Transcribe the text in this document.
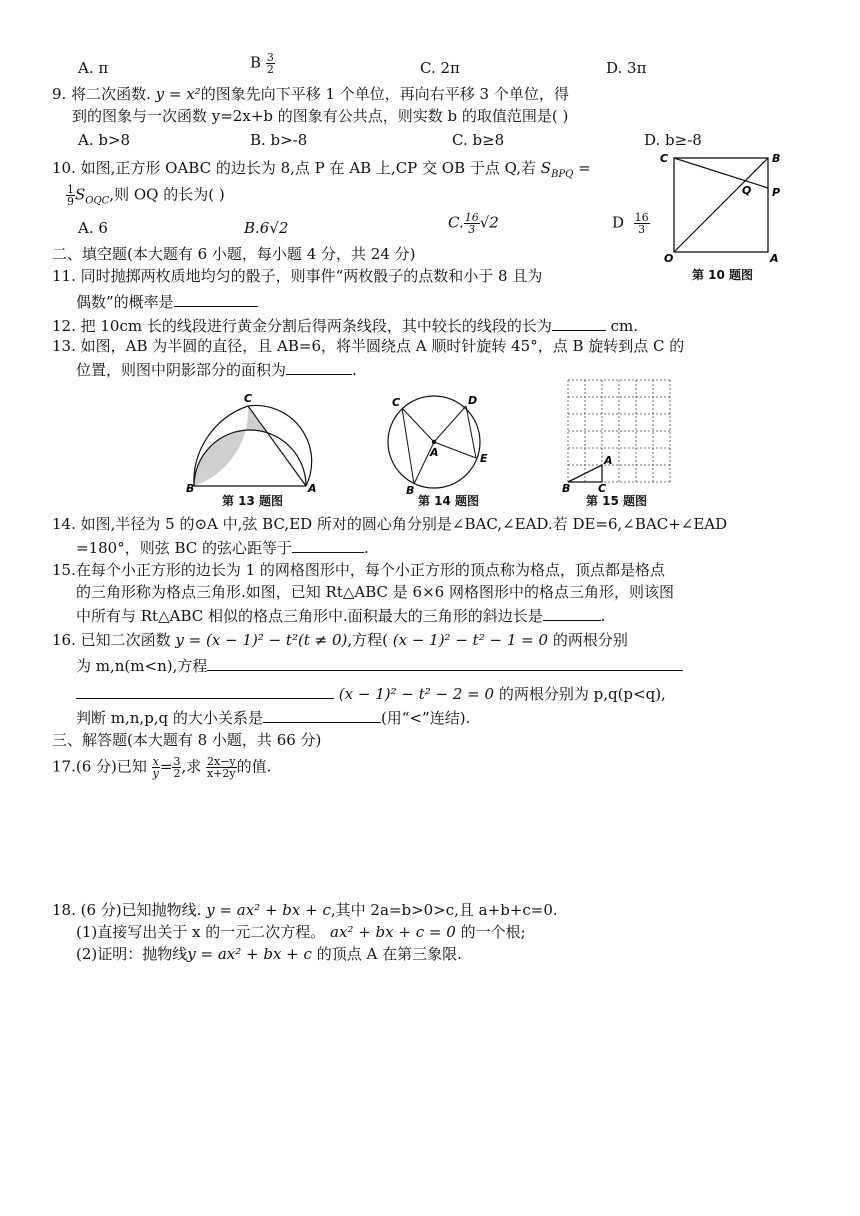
A. π	B $\frac{3}{2}$	C. 2π	D. 3π
9. 将二次函数. y = x²的图象先向下平移 1 个单位，再向右平移 3 个单位，得
到的图象与一次函数 y=2x+b 的图象有公共点，则实数 b 的取值范围是( )
A. b>8	B. b>-8	C. b≥8	D. b≥-8
10. 如图,正方形 OABC 的边长为 8,点 P 在 AB 上,CP 交 OB 于点 Q,若 $S_{BPQ}$ =
$\frac{1}{9} S_{OQC}$,则 OQ 的长为( )
A. 6	B.6√2	C. $\frac{16}{3} √2$	D $\frac{16}{3}$
C	B
Q P
O	A
第 10 题图
二、填空题(本大题有 6 小题，每小题 4 分，共 24 分)
11. 同时抛掷两枚质地均匀的骰子，则事件“两枚骰子的点数和小于 8 且为
偶数”的概率是
12. 把 10cm 长的线段进行黄金分割后得两条线段，其中较长的线段的长为	cm.
13. 如图，AB 为半圆的直径，且 AB=6，将半圆绕点 A 顺时针旋转 45°，点 B 旋转到点 C 的
位置，则图中阴影部分的面积为	.
C
B	A
第 13 题图
C	D
A	E
B
第 14 题图
A
B	C
第 15 题图
14. 如图,半径为 5 的⊙A 中,弦 BC,ED 所对的圆心角分别是∠BAC,∠EAD.若 DE=6,∠BAC+∠EAD
=180°，则弦 BC 的弦心距等于	.
15.在每个小正方形的边长为 1 的网格图形中，每个小正方形的顶点称为格点，顶点都是格点
的三角形称为格点三角形.如图，已知 Rt△ABC 是 6×6 网格图形中的格点三角形，则该图
中所有与 Rt△ABC 相似的格点三角形中.面积最大的三角形的斜边长是	.
16. 已知二次函数 y = (x − 1)² − t²(t ≠ 0),方程( (x − 1)² − t² − 1 = 0 的两根分别
为 m,n(m<n),方程
(x − 1)² − t² − 2 = 0 的两根分别为 p,q(p<q),
判断 m,n,p,q 的大小关系是	(用“<”连结).
三、解答题(本大题有 8 小题，共 66 分)
17.(6 分)已知 $\frac{x}{y} = \frac{3}{2}$ ,求 $\frac{2x-y}{x+2y}$ 的值.
18. (6 分)已知抛物线. y = ax² + bx + c,其中 2a=b>0>c,且 a+b+c=0.
(1)直接写出关于 x 的一元二次方程。 ax² + bx + c = 0 的一个根;
(2)证明：抛物线y = ax² + bx + c 的顶点 A 在第三象限.
